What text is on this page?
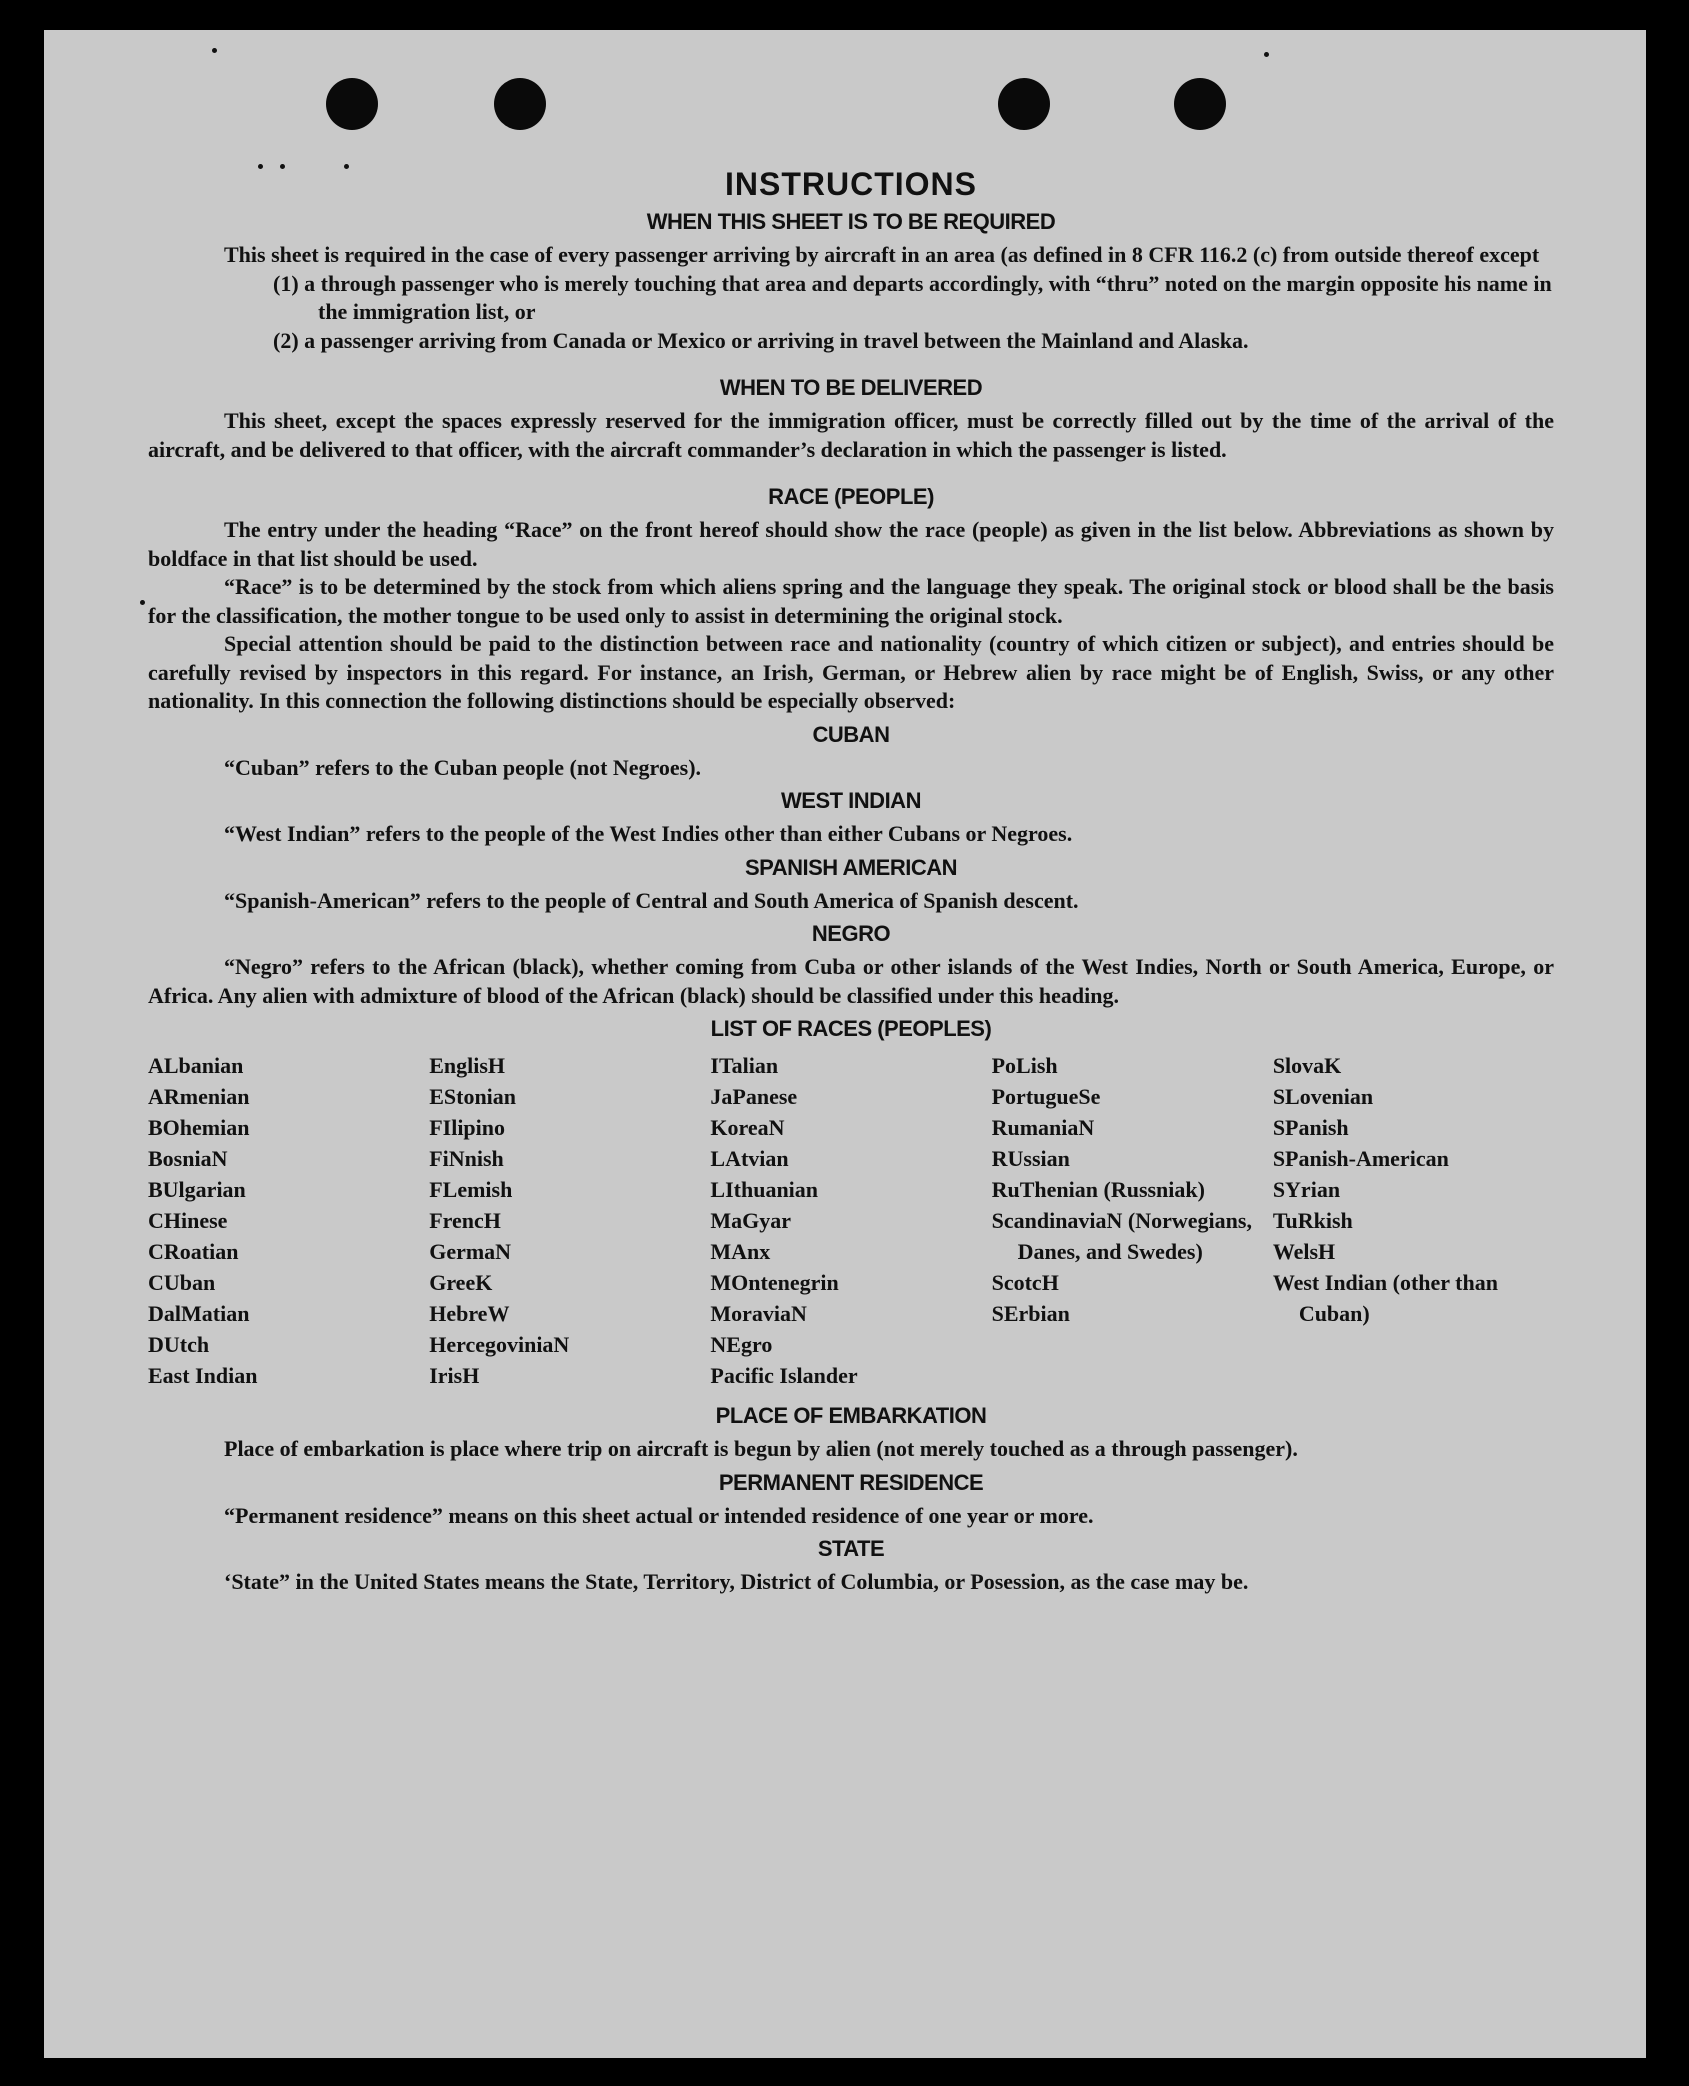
INSTRUCTIONS
WHEN THIS SHEET IS TO BE REQUIRED

This sheet is required in the case of every passenger arriving by aircraft in an area (as defined in 8 CFR 116.2 (c) from outside thereof except

(1) a through passenger who is merely touching that area and departs accordingly, with “thru” noted on the margin opposite his name in the immigration list, or

(2) a passenger arriving from Canada or Mexico or arriving in travel between the Mainland and Alaska.

WHEN TO BE DELIVERED

This sheet, except the spaces expressly reserved for the immigration officer, must be correctly filled out by the time of the arrival of the aircraft, and be delivered to that officer, with the aircraft commander’s declaration in which the passenger is listed.

RACE (PEOPLE)

The entry under the heading “Race” on the front hereof should show the race (people) as given in the list below. Abbreviations as shown by boldface in that list should be used.

“Race” is to be determined by the stock from which aliens spring and the language they speak. The original stock or blood shall be the basis for the classification, the mother tongue to be used only to assist in determining the original stock.

Special attention should be paid to the distinction between race and nationality (country of which citizen or subject), and entries should be carefully revised by inspectors in this regard. For instance, an Irish, German, or Hebrew alien by race might be of English, Swiss, or any other nationality. In this connection the following distinctions should be especially observed:

CUBAN

“Cuban” refers to the Cuban people (not Negroes).

WEST INDIAN

“West Indian” refers to the people of the West Indies other than either Cubans or Negroes.

SPANISH AMERICAN

“Spanish-American” refers to the people of Central and South America of Spanish descent.

NEGRO

“Negro” refers to the African (black), whether coming from Cuba or other islands of the West Indies, North or South America, Europe, or Africa. Any alien with admixture of blood of the African (black) should be classified under this heading.

LIST OF RACES (PEOPLES)
ALbanian
ARmenian
BOhemian
BosniaN
BUlgarian
CHinese
CRoatian
CUban
DalMatian
DUtch
East Indian
EnglisH
EStonian
FIlipino
FiNnish
FLemish
FrencH
GermaN
GreeK
HebreW
HercegoviniaN
IrisH
ITalian
JaPanese
KoreaN
LAtvian
LIthuanian
MaGyar
MAnx
MOntenegrin
MoraviaN
NEgro
Pacific Islander
PoLish
PortugueSe
RumaniaN
RUssian
RuThenian (Russniak)
ScandinaviaN (Norwegians, Danes, and Swedes)
ScotcH
SErbian
SlovaK
SLovenian
SPanish
SPanish-American
SYrian
TuRkish
WelsH
West Indian (other than Cuban)
PLACE OF EMBARKATION

Place of embarkation is place where trip on aircraft is begun by alien (not merely touched as a through passenger).

PERMANENT RESIDENCE

“Permanent residence” means on this sheet actual or intended residence of one year or more.

STATE

‘State” in the United States means the State, Territory, District of Columbia, or Posession, as the case may be.
